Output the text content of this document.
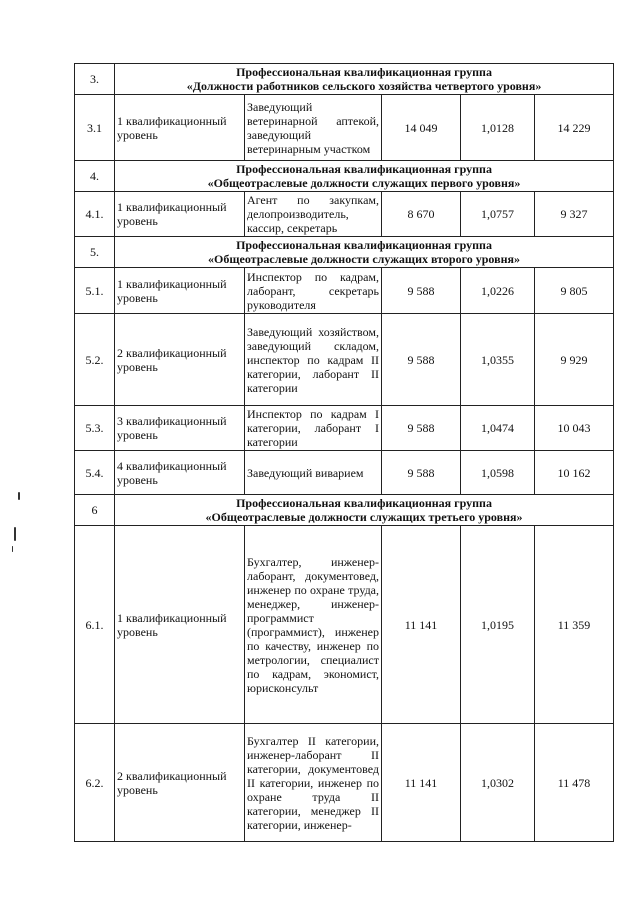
3.	Профессиональная квалификационная группа
«Должности работников сельского хозяйства четвертого уровня»				

3.1	1 квалификационный уровень	Заведующий ветеринарной аптекой, заведующий ветеринарным участком	14 049	1,0128	14 229
4.	Профессиональная квалификационная группа
«Общеотраслевые должности служащих первого уровня»				

4.1.	1 квалификационный уровень	Агент по закупкам, делопроизводитель, кассир, секретарь	8 670	1,0757	9 327
5.	Профессиональная квалификационная группа
«Общеотраслевые должности служащих второго уровня»				

5.1.	1 квалификационный уровень	Инспектор по кадрам, лаборант, секретарь руководителя	9 588	1,0226	9 805
5.2.	2 квалификационный уровень	Заведующий хозяйством, заведующий складом, инспектор по кадрам II категории, лаборант II категории	9 588	1,0355	9 929
5.3.	3 квалификационный уровень	Инспектор по кадрам I категории, лаборант I категории	9 588	1,0474	10 043
5.4.	4 квалификационный уровень	Заведующий виварием	9 588	1,0598	10 162
6	Профессиональная квалификационная группа
«Общеотраслевые должности служащих третьего уровня»				

6.1.	1 квалификационный уровень	Бухгалтер, инженер-лаборант, документовед, инженер по охране труда, менеджер, инженер-программист (программист), инженер по качеству, инженер по метрологии, специалист по кадрам, экономист, юрисконсульт	11 141	1,0195	11 359
6.2.	2 квалификационный уровень	Бухгалтер II категории, инженер-лаборант II категории, документовед II категории, инженер по охране труда II категории, менеджер II категории, инженер-	11 141	1,0302	11 478
